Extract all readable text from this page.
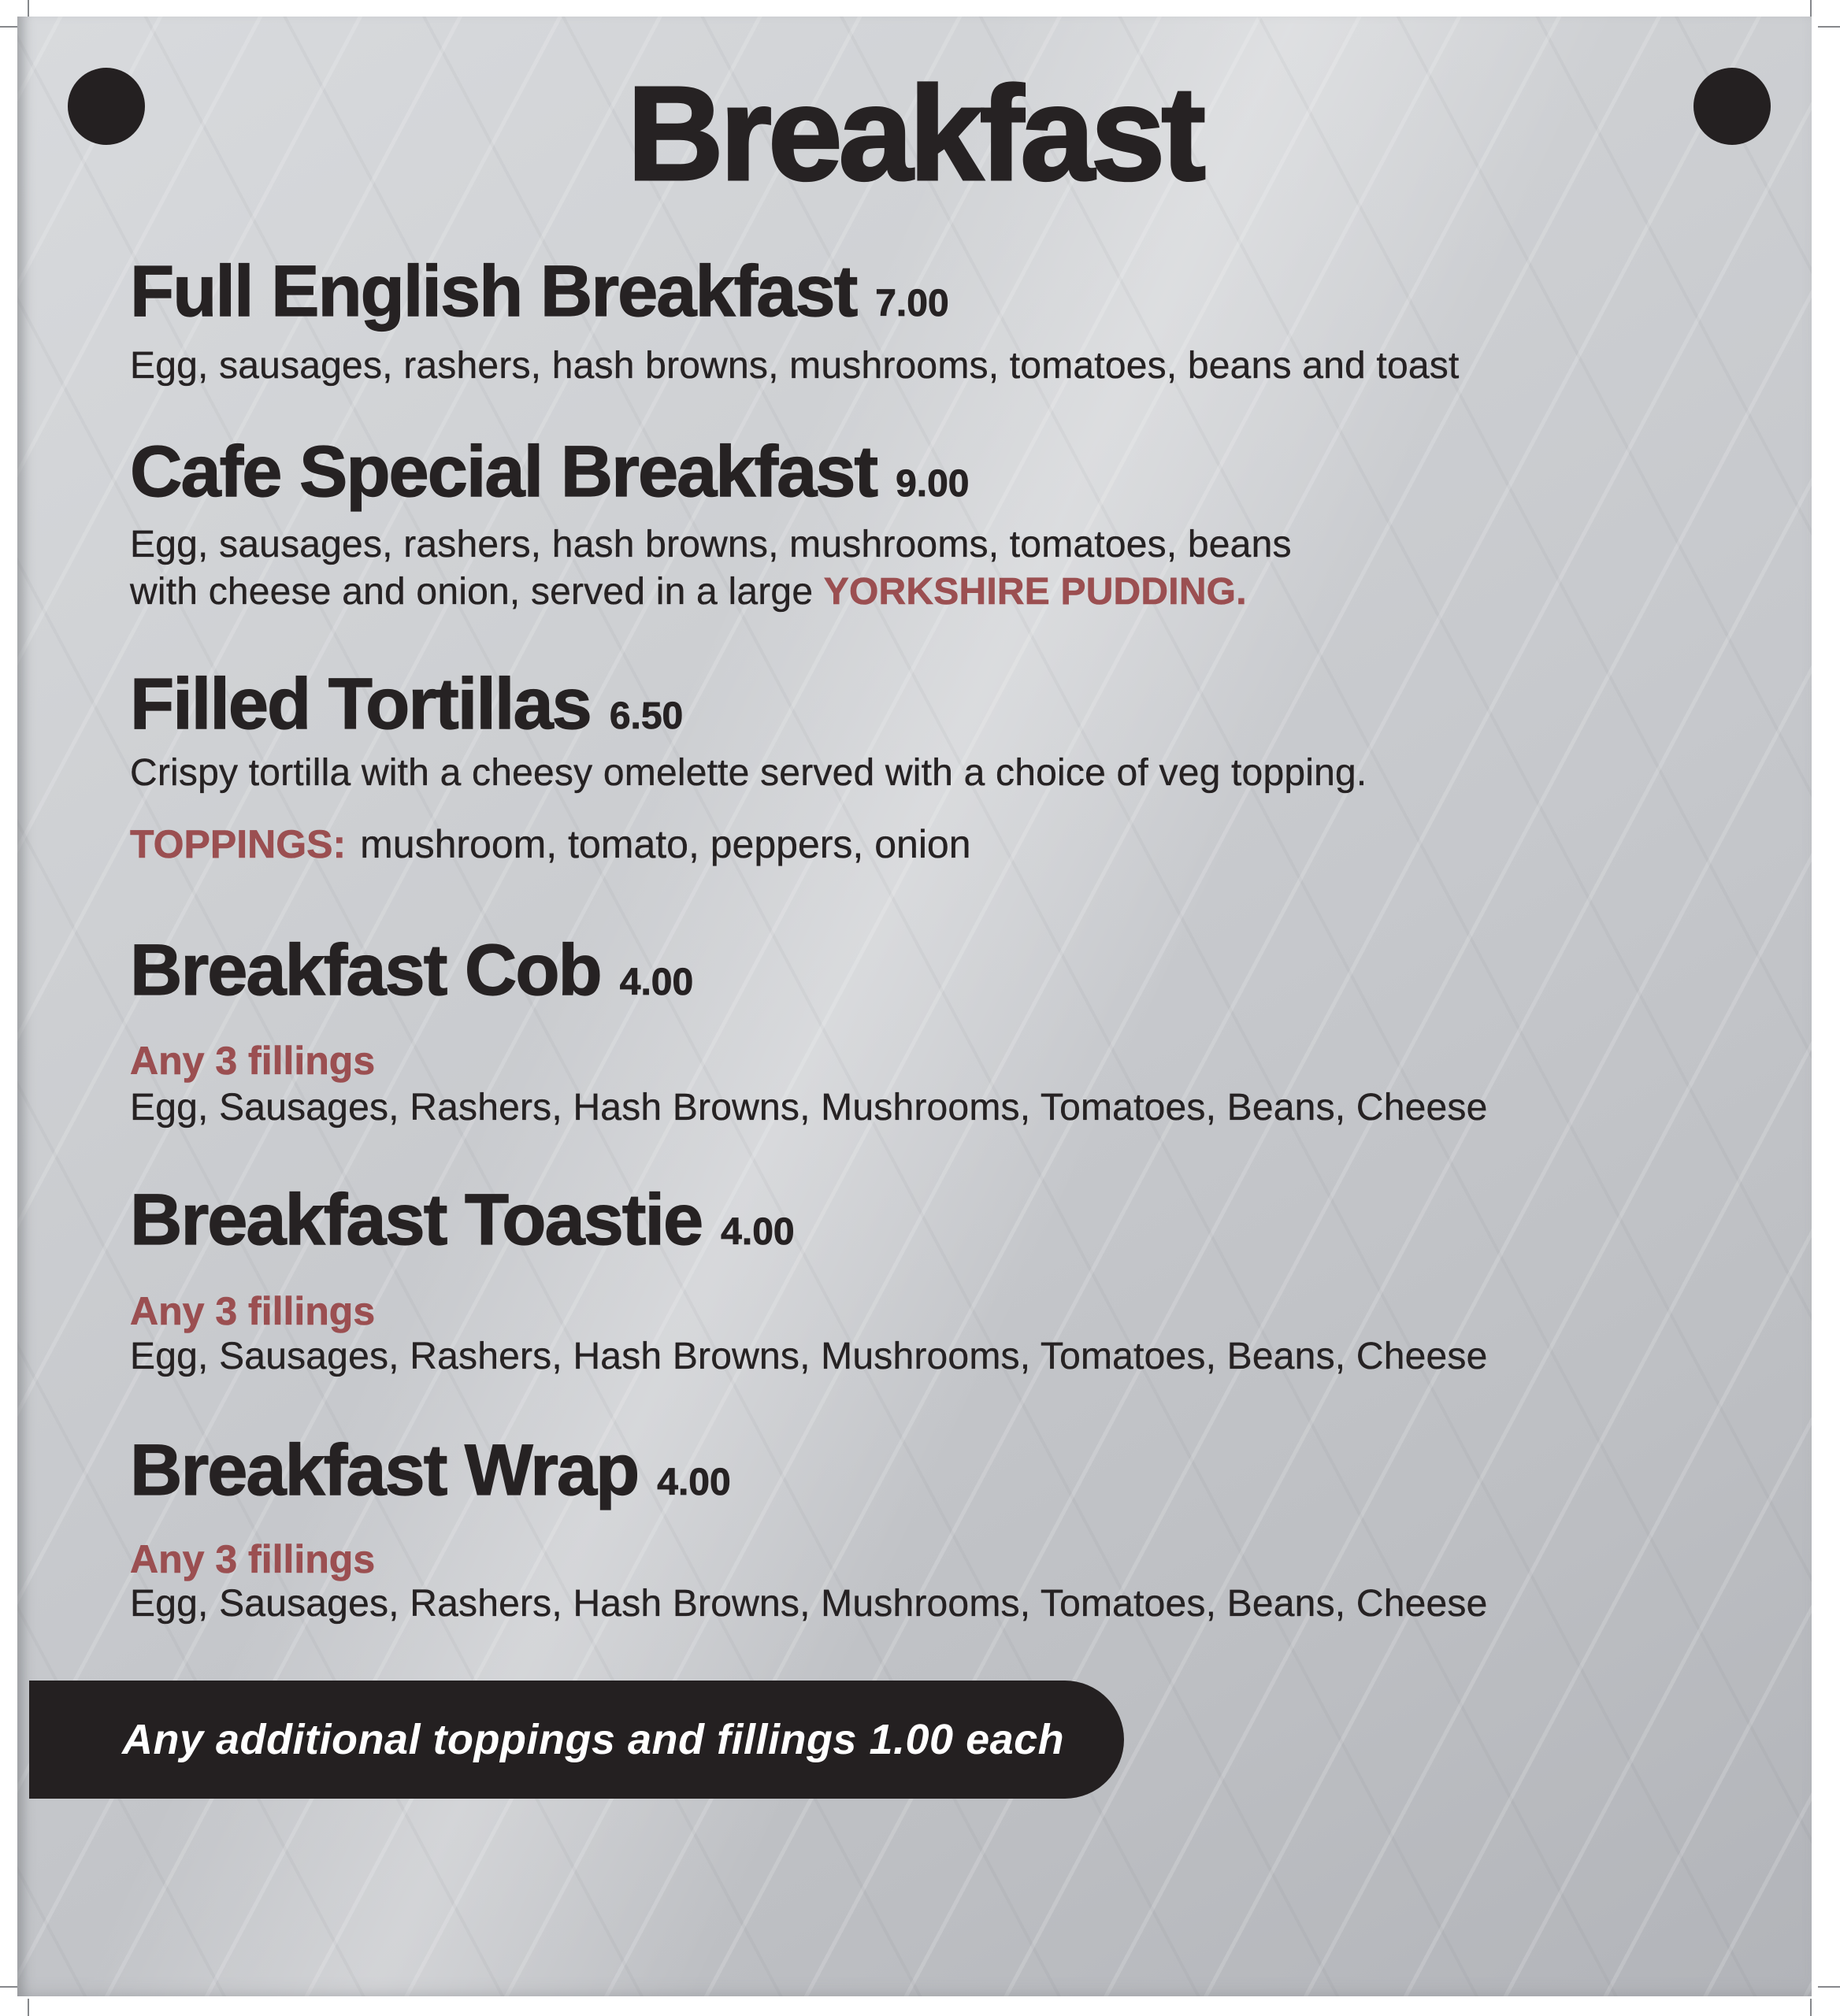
Breakfast
Full English Breakfast 7.00
Egg, sausages, rashers, hash browns, mushrooms, tomatoes, beans and toast
Cafe Special Breakfast 9.00
Egg, sausages, rashers, hash browns, mushrooms, tomatoes, beans
with cheese and onion, served in a large YORKSHIRE PUDDING.
Filled Tortillas 6.50
Crispy tortilla with a cheesy omelette served with a choice of veg topping.
TOPPINGS: mushroom, tomato, peppers, onion
Breakfast Cob 4.00
Any 3 fillings
Egg, Sausages, Rashers, Hash Browns, Mushrooms, Tomatoes, Beans, Cheese
Breakfast Toastie 4.00
Any 3 fillings
Egg, Sausages, Rashers, Hash Browns, Mushrooms, Tomatoes, Beans, Cheese
Breakfast Wrap 4.00
Any 3 fillings
Egg, Sausages, Rashers, Hash Browns, Mushrooms, Tomatoes, Beans, Cheese
Any additional toppings and fillings 1.00 each
